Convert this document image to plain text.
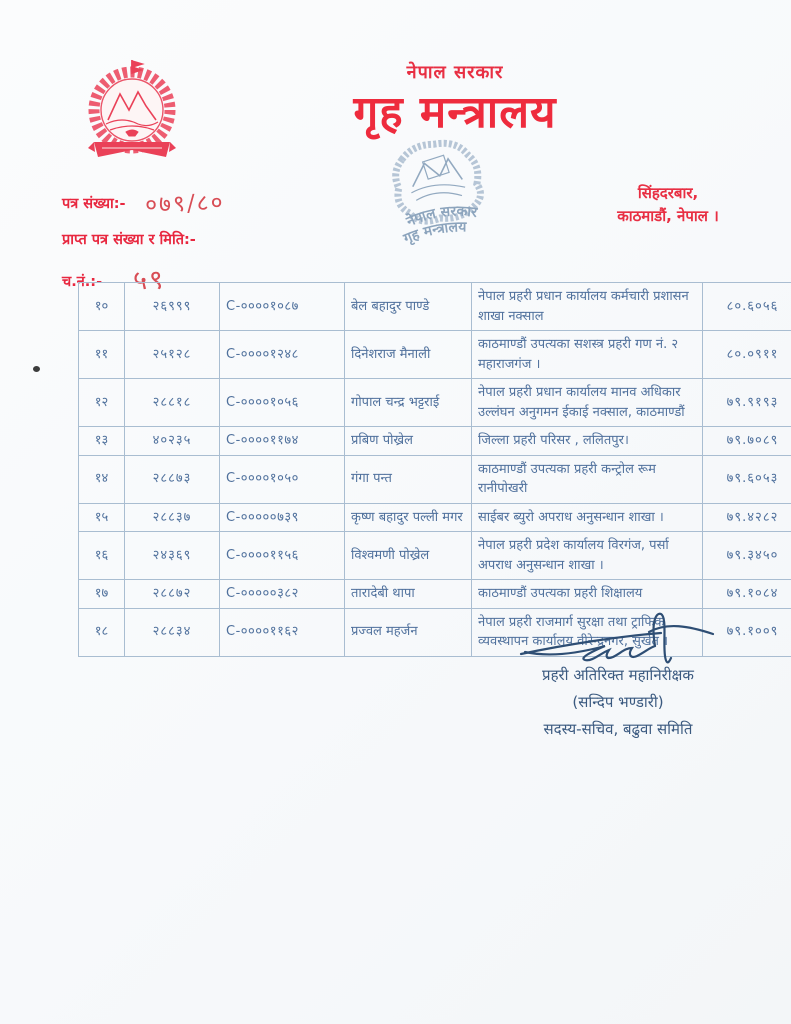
नेपाल सरकार
गृह मन्त्रालय
नेपाल सरकार
गृह मन्त्रालय
सिंहदरबार,
काठमाडौं, नेपाल ।
पत्र संख्या:- ०७९/८०
प्राप्त पत्र संख्या र मिति:-
च.नं.:- ५९
१०	२६९९९	C-००००१०८७	बेल बहादुर पाण्डे	नेपाल प्रहरी प्रधान कार्यालय कर्मचारी प्रशासन शाखा नक्साल	८०.६०५६
११	२५१२८	C-००००१२४८	दिनेशराज मैनाली	काठमाण्डौं उपत्यका सशस्त्र प्रहरी गण नं. २ महाराजगंज ।	८०.०९११
१२	२८८१८	C-००००१०५६	गोपाल चन्द्र भट्टराई	नेपाल प्रहरी प्रधान कार्यालय मानव अधिकार उल्लंघन अनुगमन ईकाई नक्साल, काठमाण्डौं	७९.९१९३
१३	४०२३५	C-००००११७४	प्रबिण पोख्रेल	जिल्ला प्रहरी परिसर , ललितपुर।	७९.७०८९
१४	२८८७३	C-००००१०५०	गंगा पन्त	काठमाण्डौं उपत्यका प्रहरी कन्ट्रोल रूम रानीपोखरी	७९.६०५३
१५	२८८३७	C-०००००७३९	कृष्ण बहादुर पल्ली मगर	साईबर ब्युरो अपराध अनुसन्धान शाखा ।	७९.४२८२
१६	२४३६९	C-००००११५६	विश्वमणी पोख्रेल	नेपाल प्रहरी प्रदेश कार्यालय विरगंज, पर्सा अपराध अनुसन्धान शाखा ।	७९.३४५०
१७	२८८७२	C-०००००३८२	तारादेबी थापा	काठमाण्डौं उपत्यका प्रहरी शिक्षालय	७९.१०८४
१८	२८८३४	C-००००११६२	प्रज्वल महर्जन	नेपाल प्रहरी राजमार्ग सुरक्षा तथा ट्राफिक व्यवस्थापन कार्यालय वीरेन्द्रनगर, सुर्खेत ।	७९.१००९
प्रहरी अतिरिक्त महानिरीक्षक
(सन्दिप भण्डारी)
सदस्य-सचिव, बढुवा समिति
